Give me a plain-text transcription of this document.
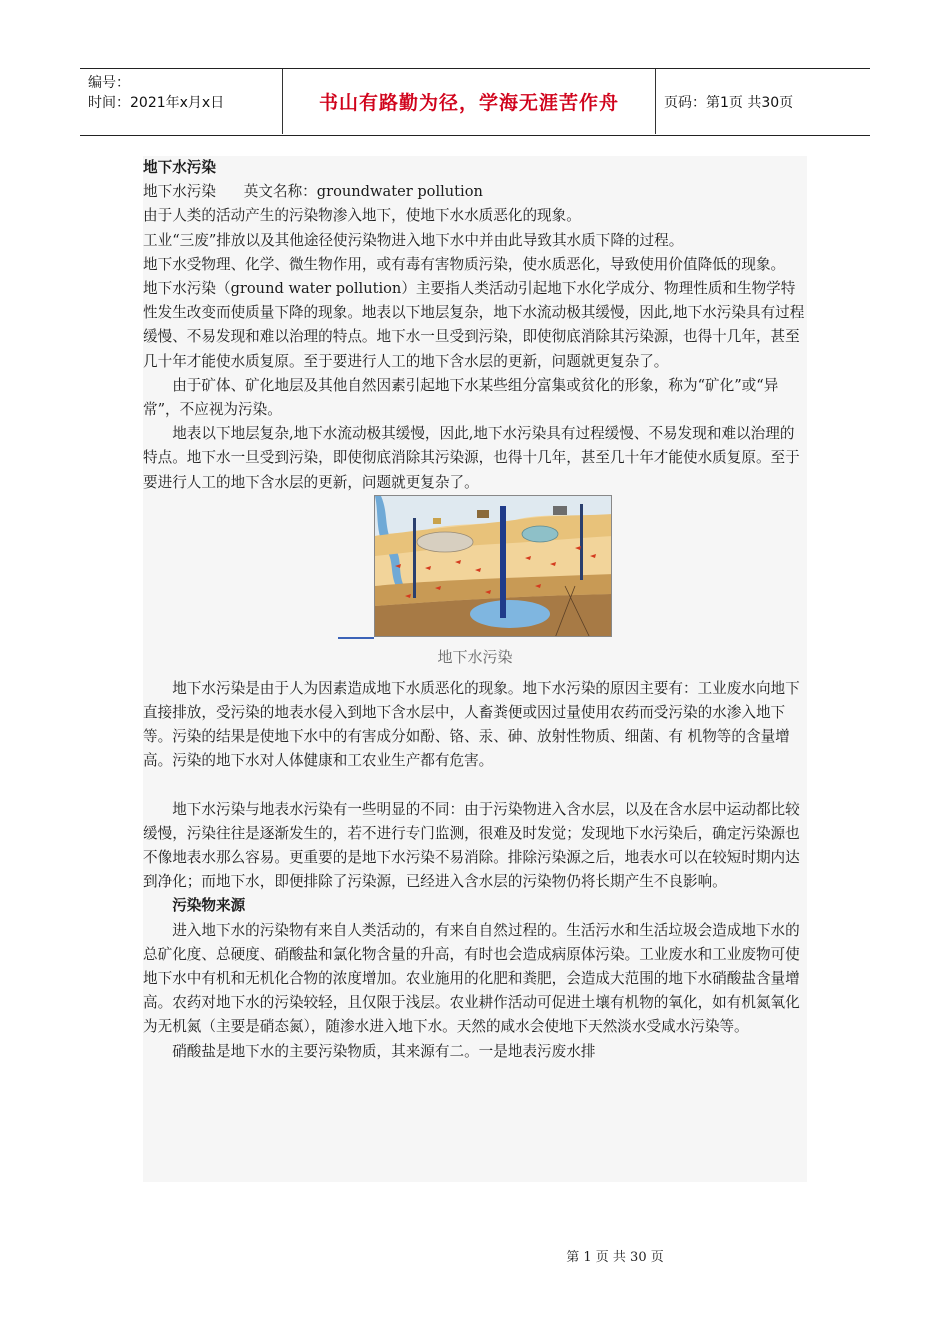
编号：
时间：2021年x月x日	书山有路勤为径，学海无涯苦作舟	页码：第1页 共30页

地下水污染

地下水污染      英文名称：groundwater pollution

由于人类的活动产生的污染物渗入地下，使地下水水质恶化的现象。

工业“三废”排放以及其他途径使污染物进入地下水中并由此导致其水质下降的过程。

地下水受物理、化学、微生物作用，或有毒有害物质污染，使水质恶化，导致使用价值降低的现象。

地下水污染（ground water pollution）主要指人类活动引起地下水化学成分、物理性质和生物学特性发生改变而使质量下降的现象。地表以下地层复杂，地下水流动极其缓慢，因此,地下水污染具有过程缓慢、不易发现和难以治理的特点。地下水一旦受到污染，即使彻底消除其污染源，也得十几年，甚至几十年才能使水质复原。至于要进行人工的地下含水层的更新，问题就更复杂了。

由于矿体、矿化地层及其他自然因素引起地下水某些组分富集或贫化的形象，称为“矿化”或“异常”，不应视为污染。

地表以下地层复杂,地下水流动极其缓慢，因此,地下水污染具有过程缓慢、不易发现和难以治理的特点。地下水一旦受到污染，即使彻底消除其污染源，也得十几年，甚至几十年才能使水质复原。至于要进行人工的地下含水层的更新，问题就更复杂了。

地下水污染

地下水污染是由于人为因素造成地下水质恶化的现象。地下水污染的原因主要有：工业废水向地下直接排放，受污染的地表水侵入到地下含水层中，人畜粪便或因过量使用农药而受污染的水渗入地下等。污染的结果是使地下水中的有害成分如酚、铬、汞、砷、放射性物质、细菌、有 机物等的含量增高。污染的地下水对人体健康和工农业生产都有危害。

地下水污染与地表水污染有一些明显的不同：由于污染物进入含水层，以及在含水层中运动都比较缓慢，污染往往是逐渐发生的，若不进行专门监测，很难及时发觉；发现地下水污染后，确定污染源也不像地表水那么容易。更重要的是地下水污染不易消除。排除污染源之后，地表水可以在较短时期内达到净化；而地下水，即便排除了污染源，已经进入含水层的污染物仍将长期产生不良影响。

污染物来源

进入地下水的污染物有来自人类活动的，有来自自然过程的。生活污水和生活垃圾会造成地下水的总矿化度、总硬度、硝酸盐和氯化物含量的升高，有时也会造成病原体污染。工业废水和工业废物可使地下水中有机和无机化合物的浓度增加。农业施用的化肥和粪肥，会造成大范围的地下水硝酸盐含量增高。农药对地下水的污染较轻，且仅限于浅层。农业耕作活动可促进土壤有机物的氧化，如有机氮氧化为无机氮（主要是硝态氮），随渗水进入地下水。天然的咸水会使地下天然淡水受咸水污染等。

硝酸盐是地下水的主要污染物质，其来源有二。一是地表污废水排

第 1 页 共 30 页
